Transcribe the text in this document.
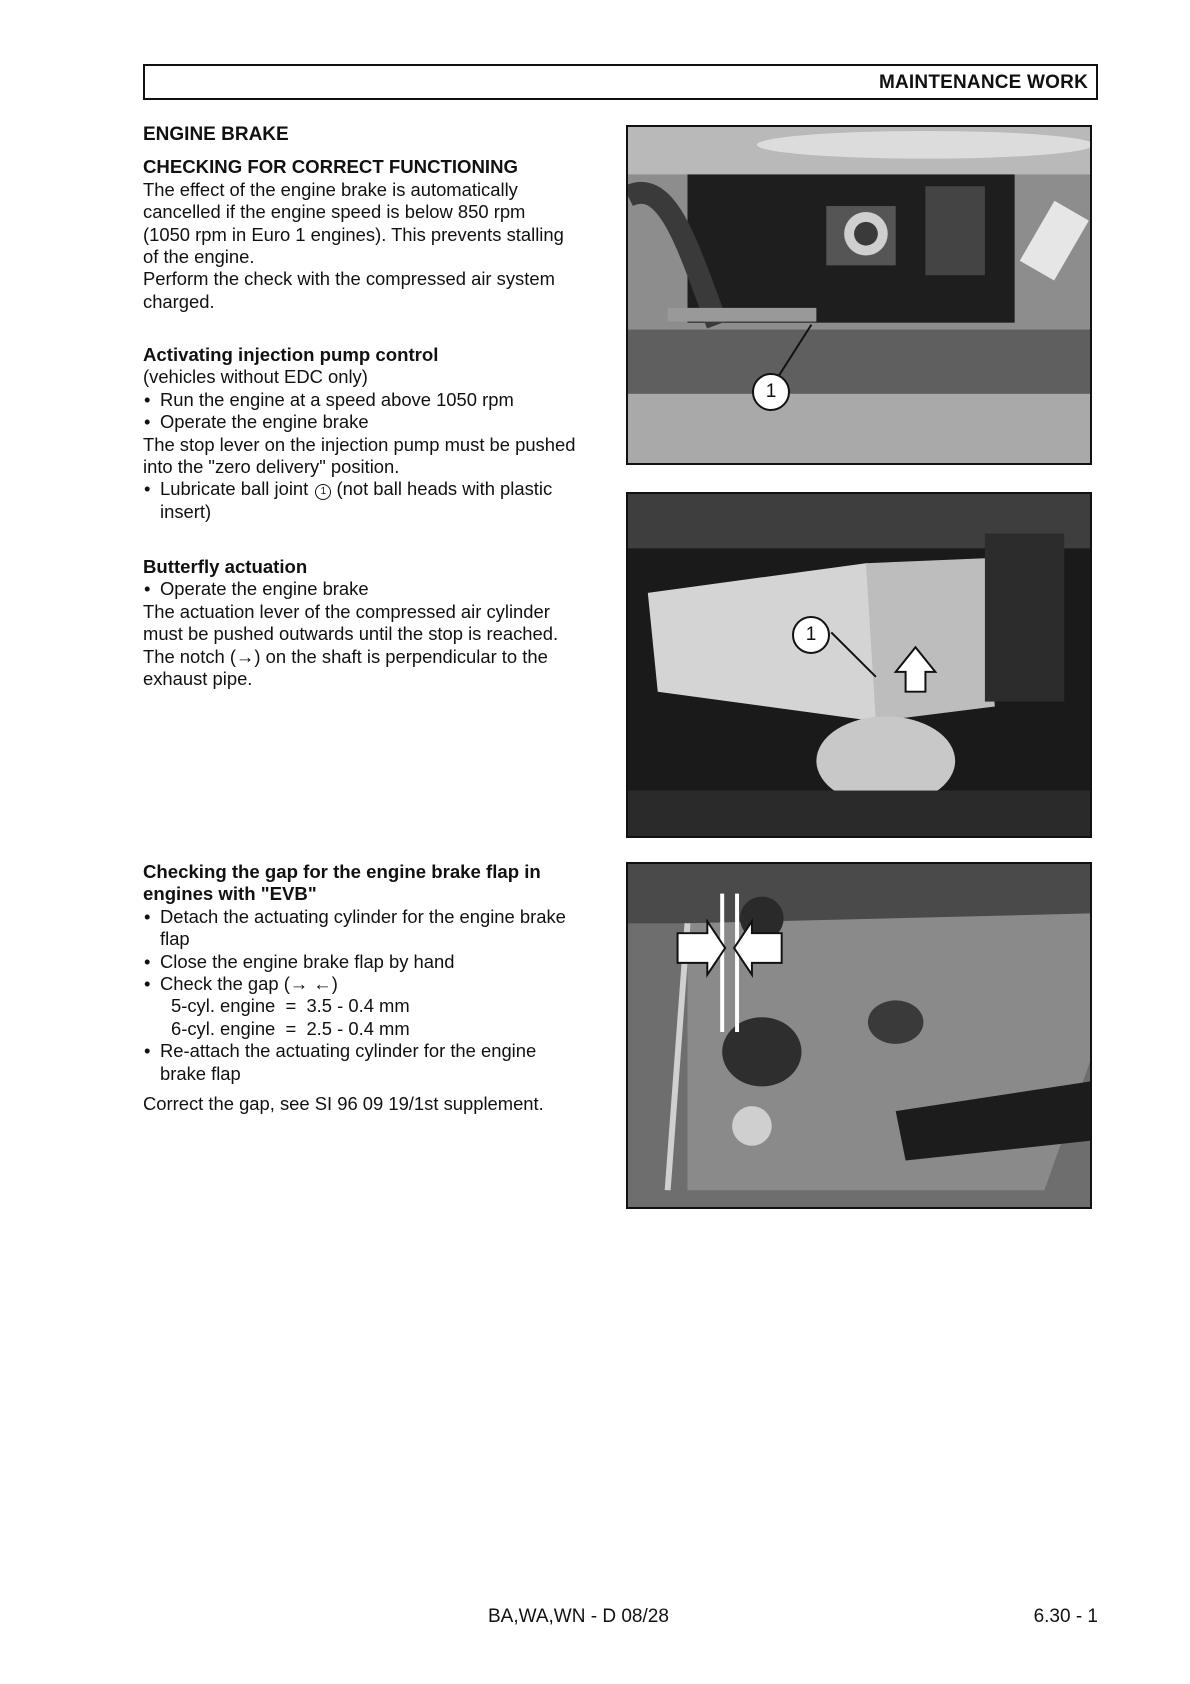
MAINTENANCE WORK
ENGINE BRAKE
CHECKING FOR CORRECT FUNCTIONING
The effect of the engine brake is automatically
cancelled if the engine speed is below 850 rpm
(1050 rpm in Euro 1 engines). This prevents stalling
of the engine.
Perform the check with the compressed air system
charged.
Activating injection pump control
(vehicles without EDC only)
• Run the engine at a speed above 1050 rpm
• Operate the engine brake
The stop lever on the injection pump must be pushed
into the "zero delivery" position.
• Lubricate ball joint 1 (not ball heads with plastic
insert)
Butterfly actuation
• Operate the engine brake
The actuation lever of the compressed air cylinder
must be pushed outwards until the stop is reached.
The notch (→) on the shaft is perpendicular to the
exhaust pipe.
Checking the gap for the engine brake flap in
engines with "EVB"
• Detach the actuating cylinder for the engine brake
flap
• Close the engine brake flap by hand
• Check the gap (→ ←)
5-cyl. engine  =  3.5 - 0.4 mm
6-cyl. engine  =  2.5 - 0.4 mm
• Re-attach the actuating cylinder for the engine
brake flap
Correct the gap, see SI 96 09 19/1st supplement.
1
1
BA,WA,WN - D 08/28	6.30 - 1
